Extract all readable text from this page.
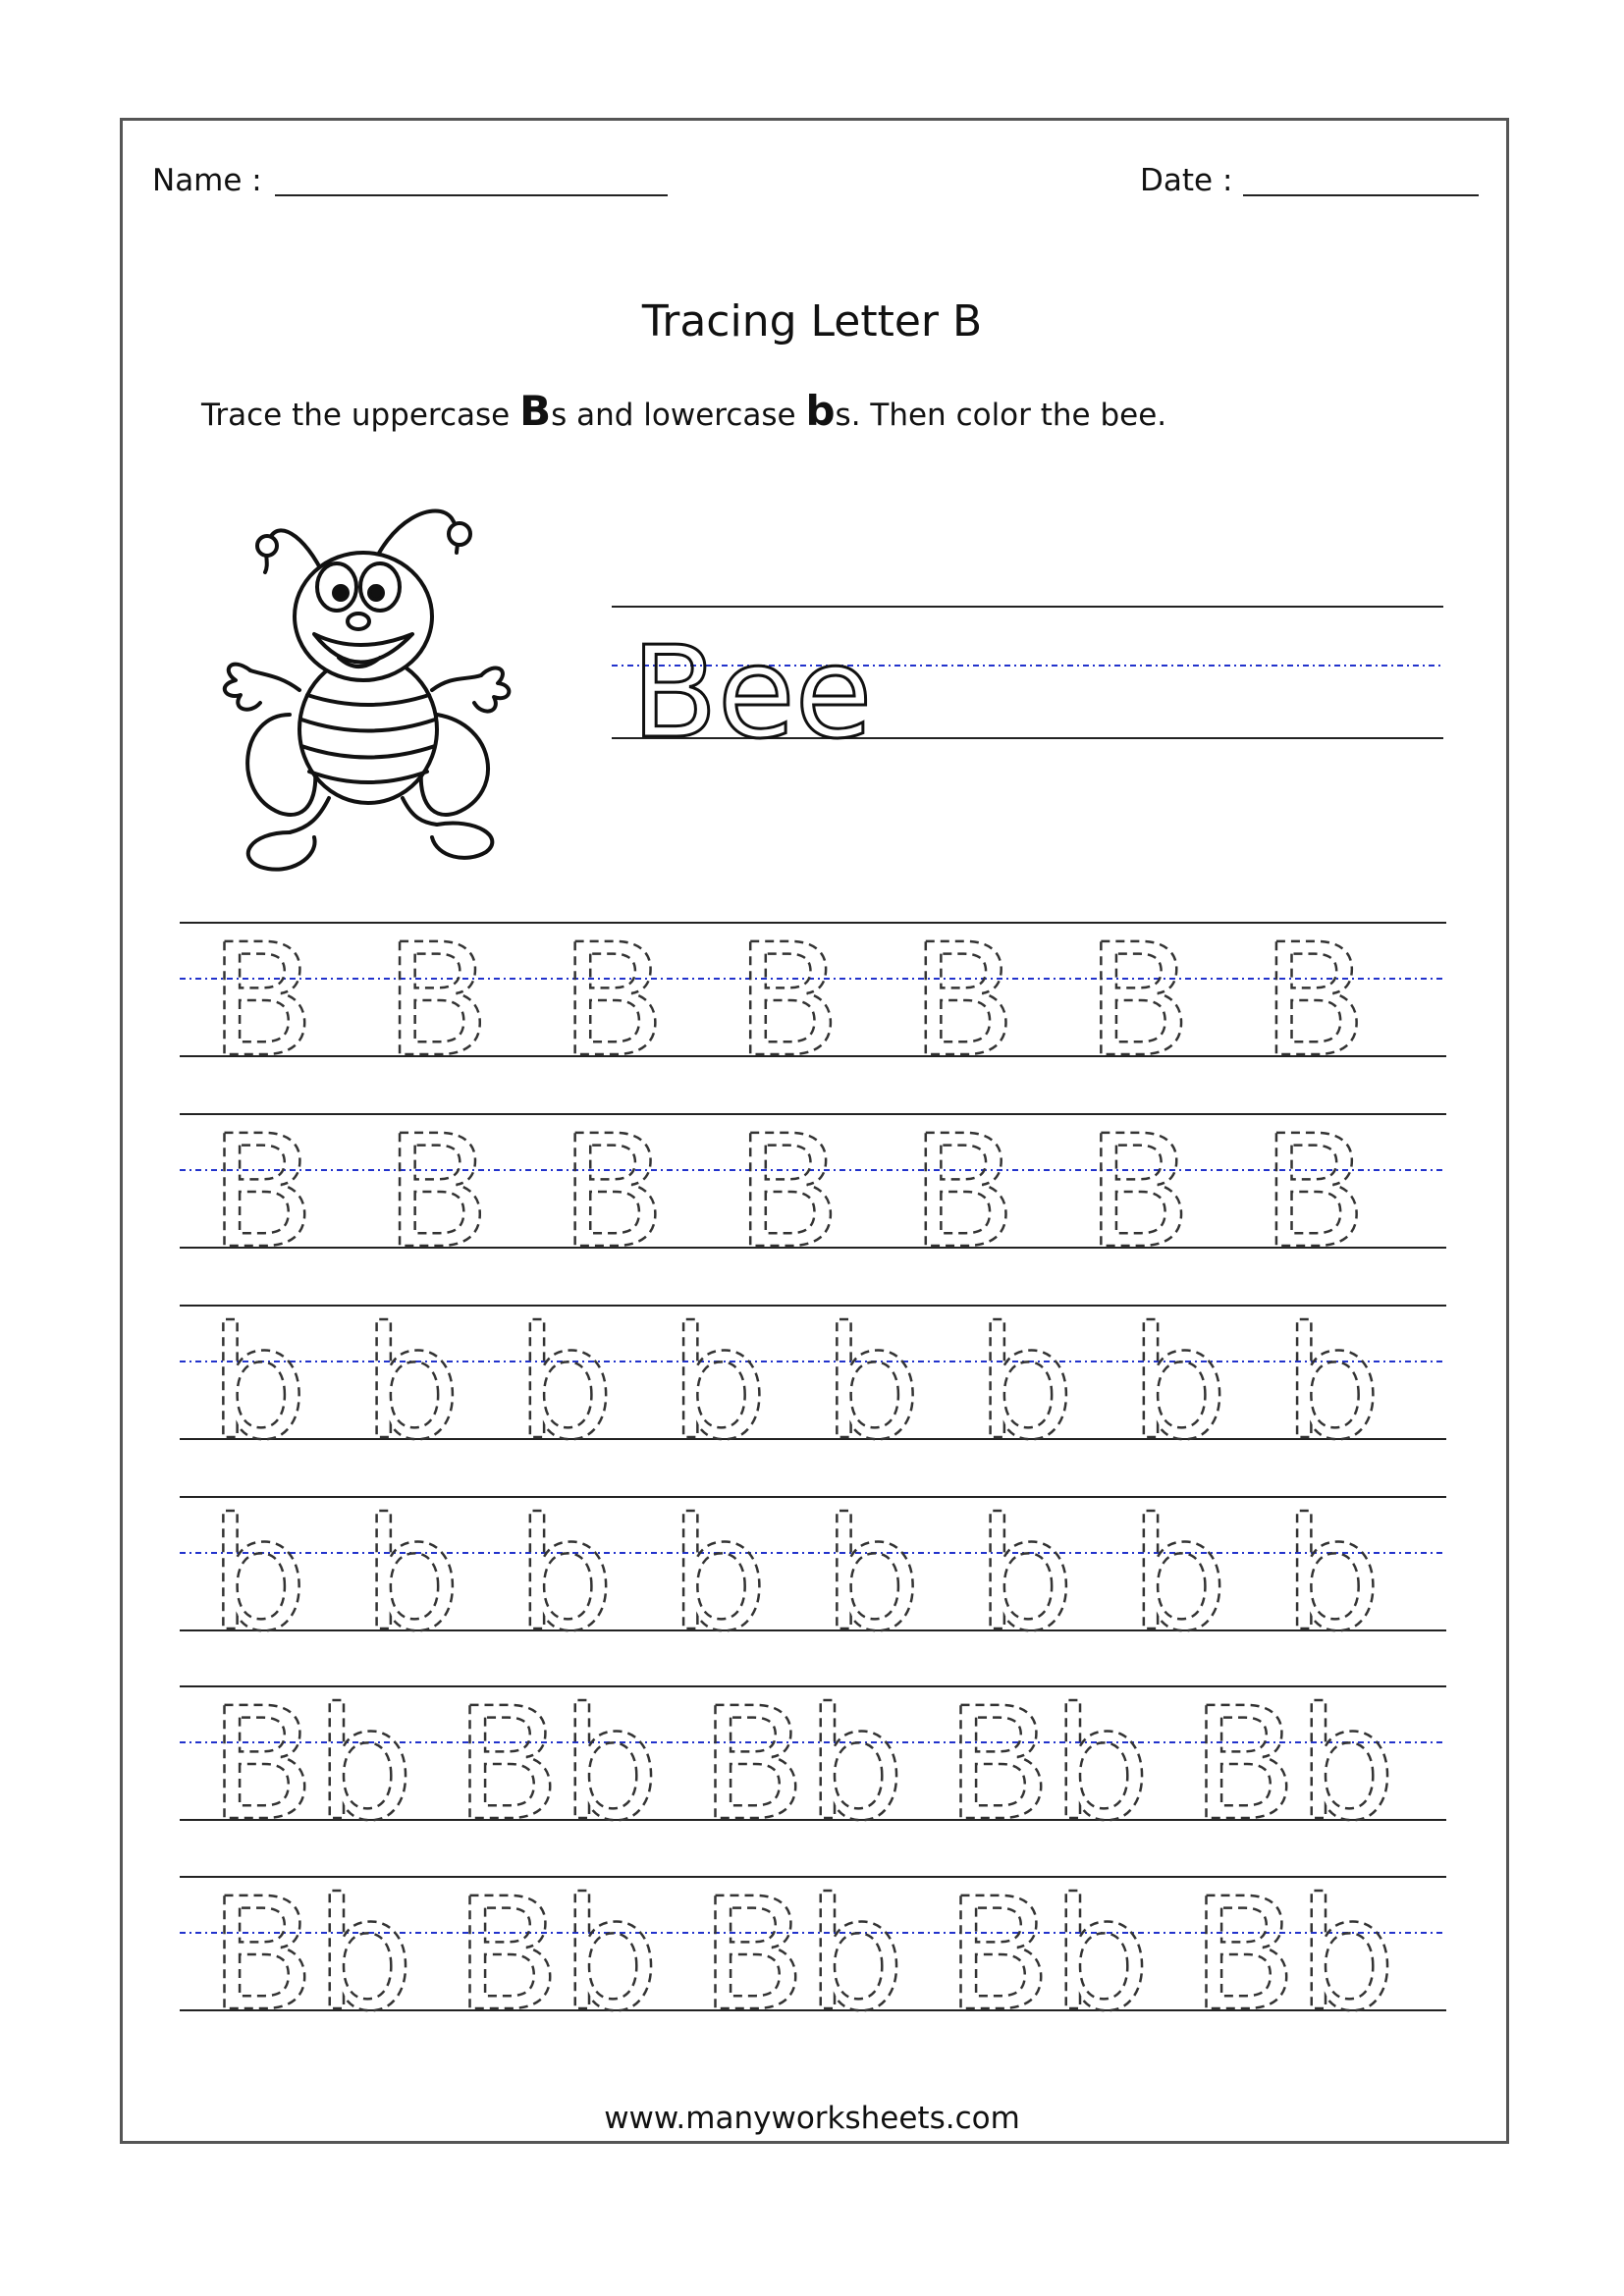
Name :	Date :
Tracing Letter B
Trace the uppercase Bs and lowercase bs. Then color the bee.
Bee
B B B B B B B
B B B B B B B
b b b b b b b b
b b b b b b b b
Bb Bb Bb Bb Bb
Bb Bb Bb Bb Bb
www.manyworksheets.com
